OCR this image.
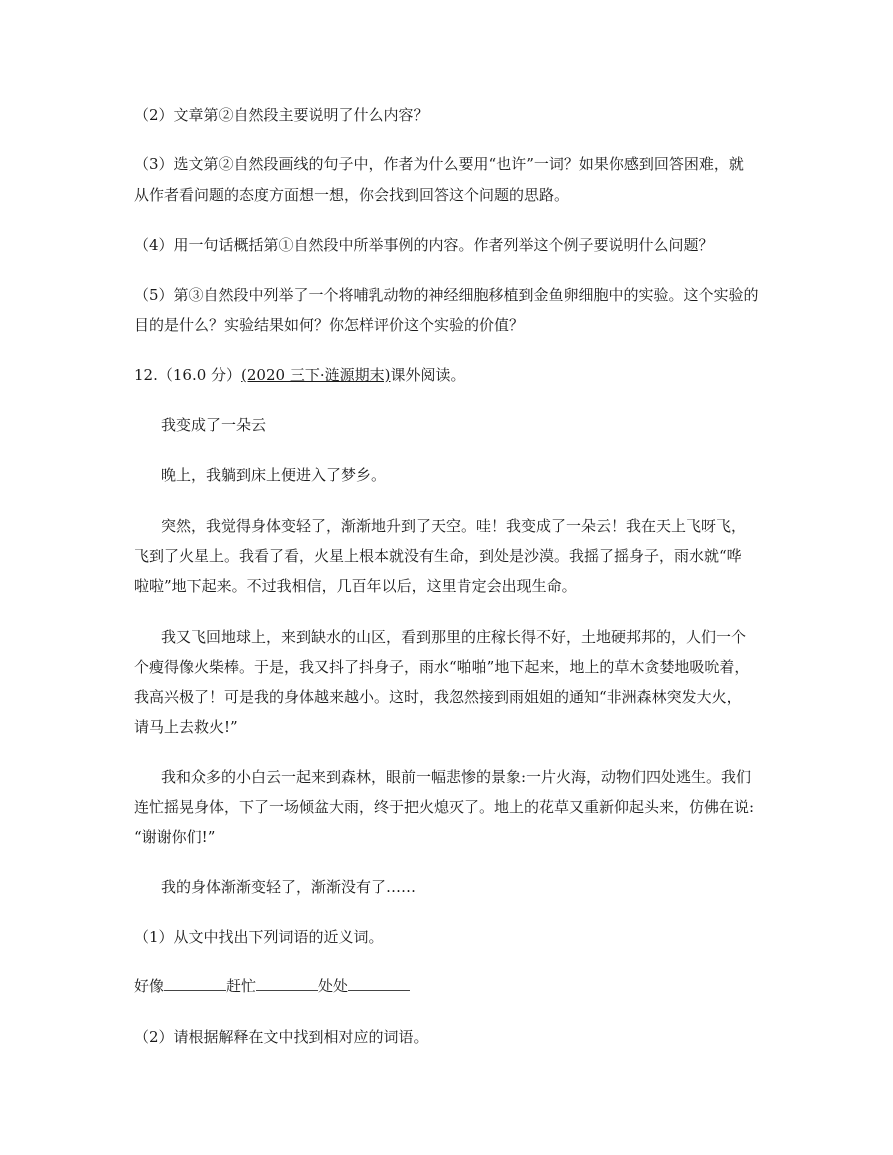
（2）文章第②自然段主要说明了什么内容？
（3）选文第②自然段画线的句子中，作者为什么要用“也许”一词？如果你感到回答困难，就
从作者看问题的态度方面想一想，你会找到回答这个问题的思路。
（4）用一句话概括第①自然段中所举事例的内容。作者列举这个例子要说明什么问题？
（5）第③自然段中列举了一个将哺乳动物的神经细胞移植到金鱼卵细胞中的实验。这个实验的
目的是什么？实验结果如何？你怎样评价这个实验的价值？
12.（16.0 分）(2020 三下·涟源期末)课外阅读。
我变成了一朵云
晚上，我躺到床上便进入了梦乡。
突然，我觉得身体变轻了，渐渐地升到了天空。哇！我变成了一朵云！我在天上飞呀飞，
飞到了火星上。我看了看，火星上根本就没有生命，到处是沙漠。我摇了摇身子，雨水就“哗
啦啦”地下起来。不过我相信，几百年以后，这里肯定会出现生命。
我又飞回地球上，来到缺水的山区，看到那里的庄稼长得不好，土地硬邦邦的，人们一个
个瘦得像火柴棒。于是，我又抖了抖身子，雨水“啪啪”地下起来，地上的草木贪婪地吸吮着，
我高兴极了！可是我的身体越来越小。这时，我忽然接到雨姐姐的通知“非洲森林突发大火，
请马上去救火!”
我和众多的小白云一起来到森林，眼前一幅悲惨的景象:一片火海，动物们四处逃生。我们
连忙摇晃身体，下了一场倾盆大雨，终于把火熄灭了。地上的花草又重新仰起头来，仿佛在说:
“谢谢你们!”
我的身体渐渐变轻了，渐渐没有了……
（1）从文中找出下列词语的近义词。
好像	赶忙	处处
（2）请根据解释在文中找到相对应的词语。
